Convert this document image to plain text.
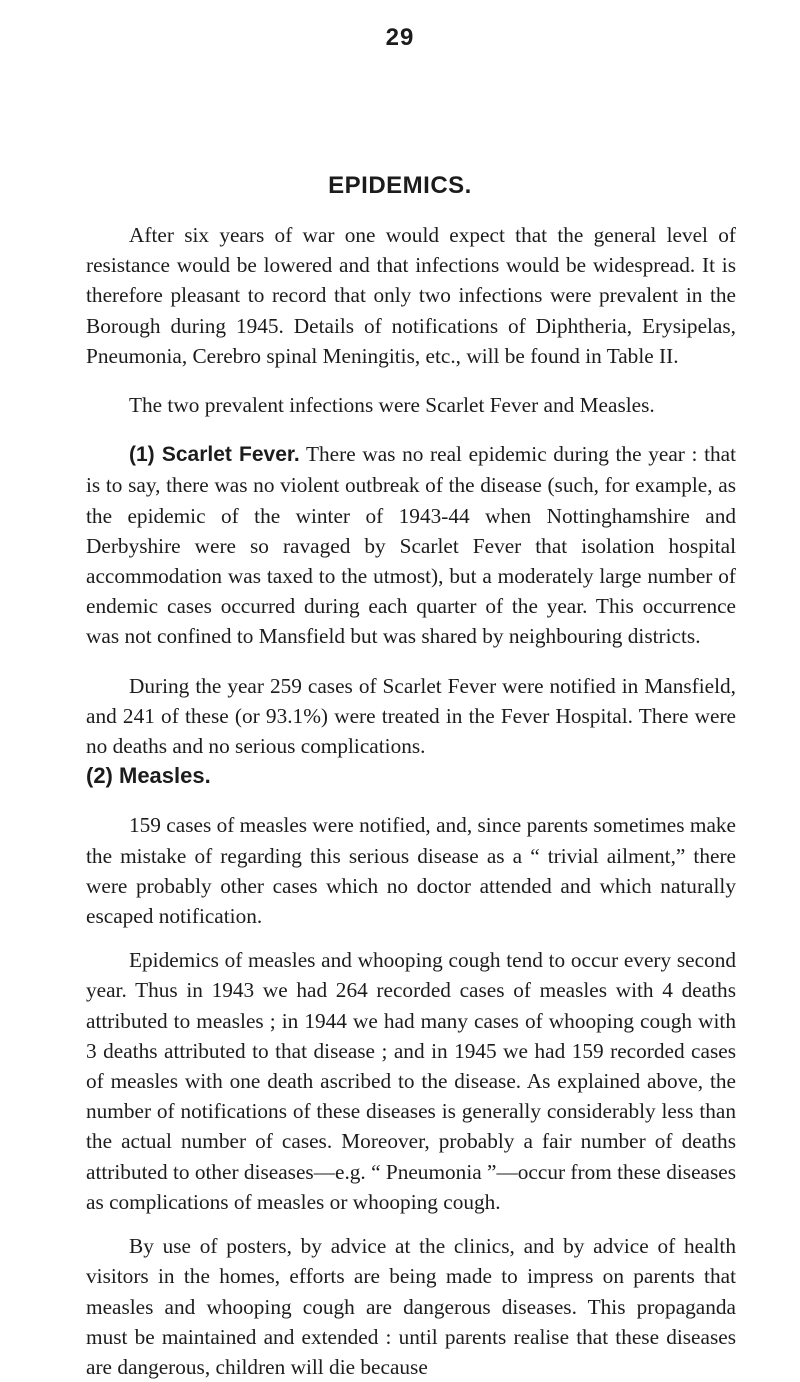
29
EPIDEMICS.

After six years of war one would expect that the general level of resistance would be lowered and that infections would be widespread. It is therefore pleasant to record that only two infections were prevalent in the Borough during 1945. Details of notifications of Diphtheria, Erysipelas, Pneumonia, Cerebro spinal Meningitis, etc., will be found in Table II.

The two prevalent infections were Scarlet Fever and Measles.

(1) Scarlet Fever. There was no real epidemic during the year : that is to say, there was no violent outbreak of the disease (such, for example, as the epidemic of the winter of 1943-44 when Nottinghamshire and Derbyshire were so ravaged by Scarlet Fever that isolation hospital accommodation was taxed to the utmost), but a moderately large number of endemic cases occurred during each quarter of the year. This occurrence was not confined to Mansfield but was shared by neighbouring districts.

During the year 259 cases of Scarlet Fever were notified in Mansfield, and 241 of these (or 93.1%) were treated in the Fever Hospital. There were no deaths and no serious complications.

(2) Measles.

159 cases of measles were notified, and, since parents sometimes make the mistake of regarding this serious disease as a “ trivial ailment,” there were probably other cases which no doctor attended and which naturally escaped notification.

Epidemics of measles and whooping cough tend to occur every second year. Thus in 1943 we had 264 recorded cases of measles with 4 deaths attributed to measles ; in 1944 we had many cases of whooping cough with 3 deaths attributed to that disease ; and in 1945 we had 159 recorded cases of measles with one death ascribed to the disease. As explained above, the number of notifications of these diseases is generally considerably less than the actual number of cases. Moreover, probably a fair number of deaths attributed to other diseases—e.g. “ Pneumonia ”—occur from these diseases as complications of measles or whooping cough.

By use of posters, by advice at the clinics, and by advice of health visitors in the homes, efforts are being made to impress on parents that measles and whooping cough are dangerous diseases. This propaganda must be maintained and extended : until parents realise that these diseases are dangerous, children will die because
